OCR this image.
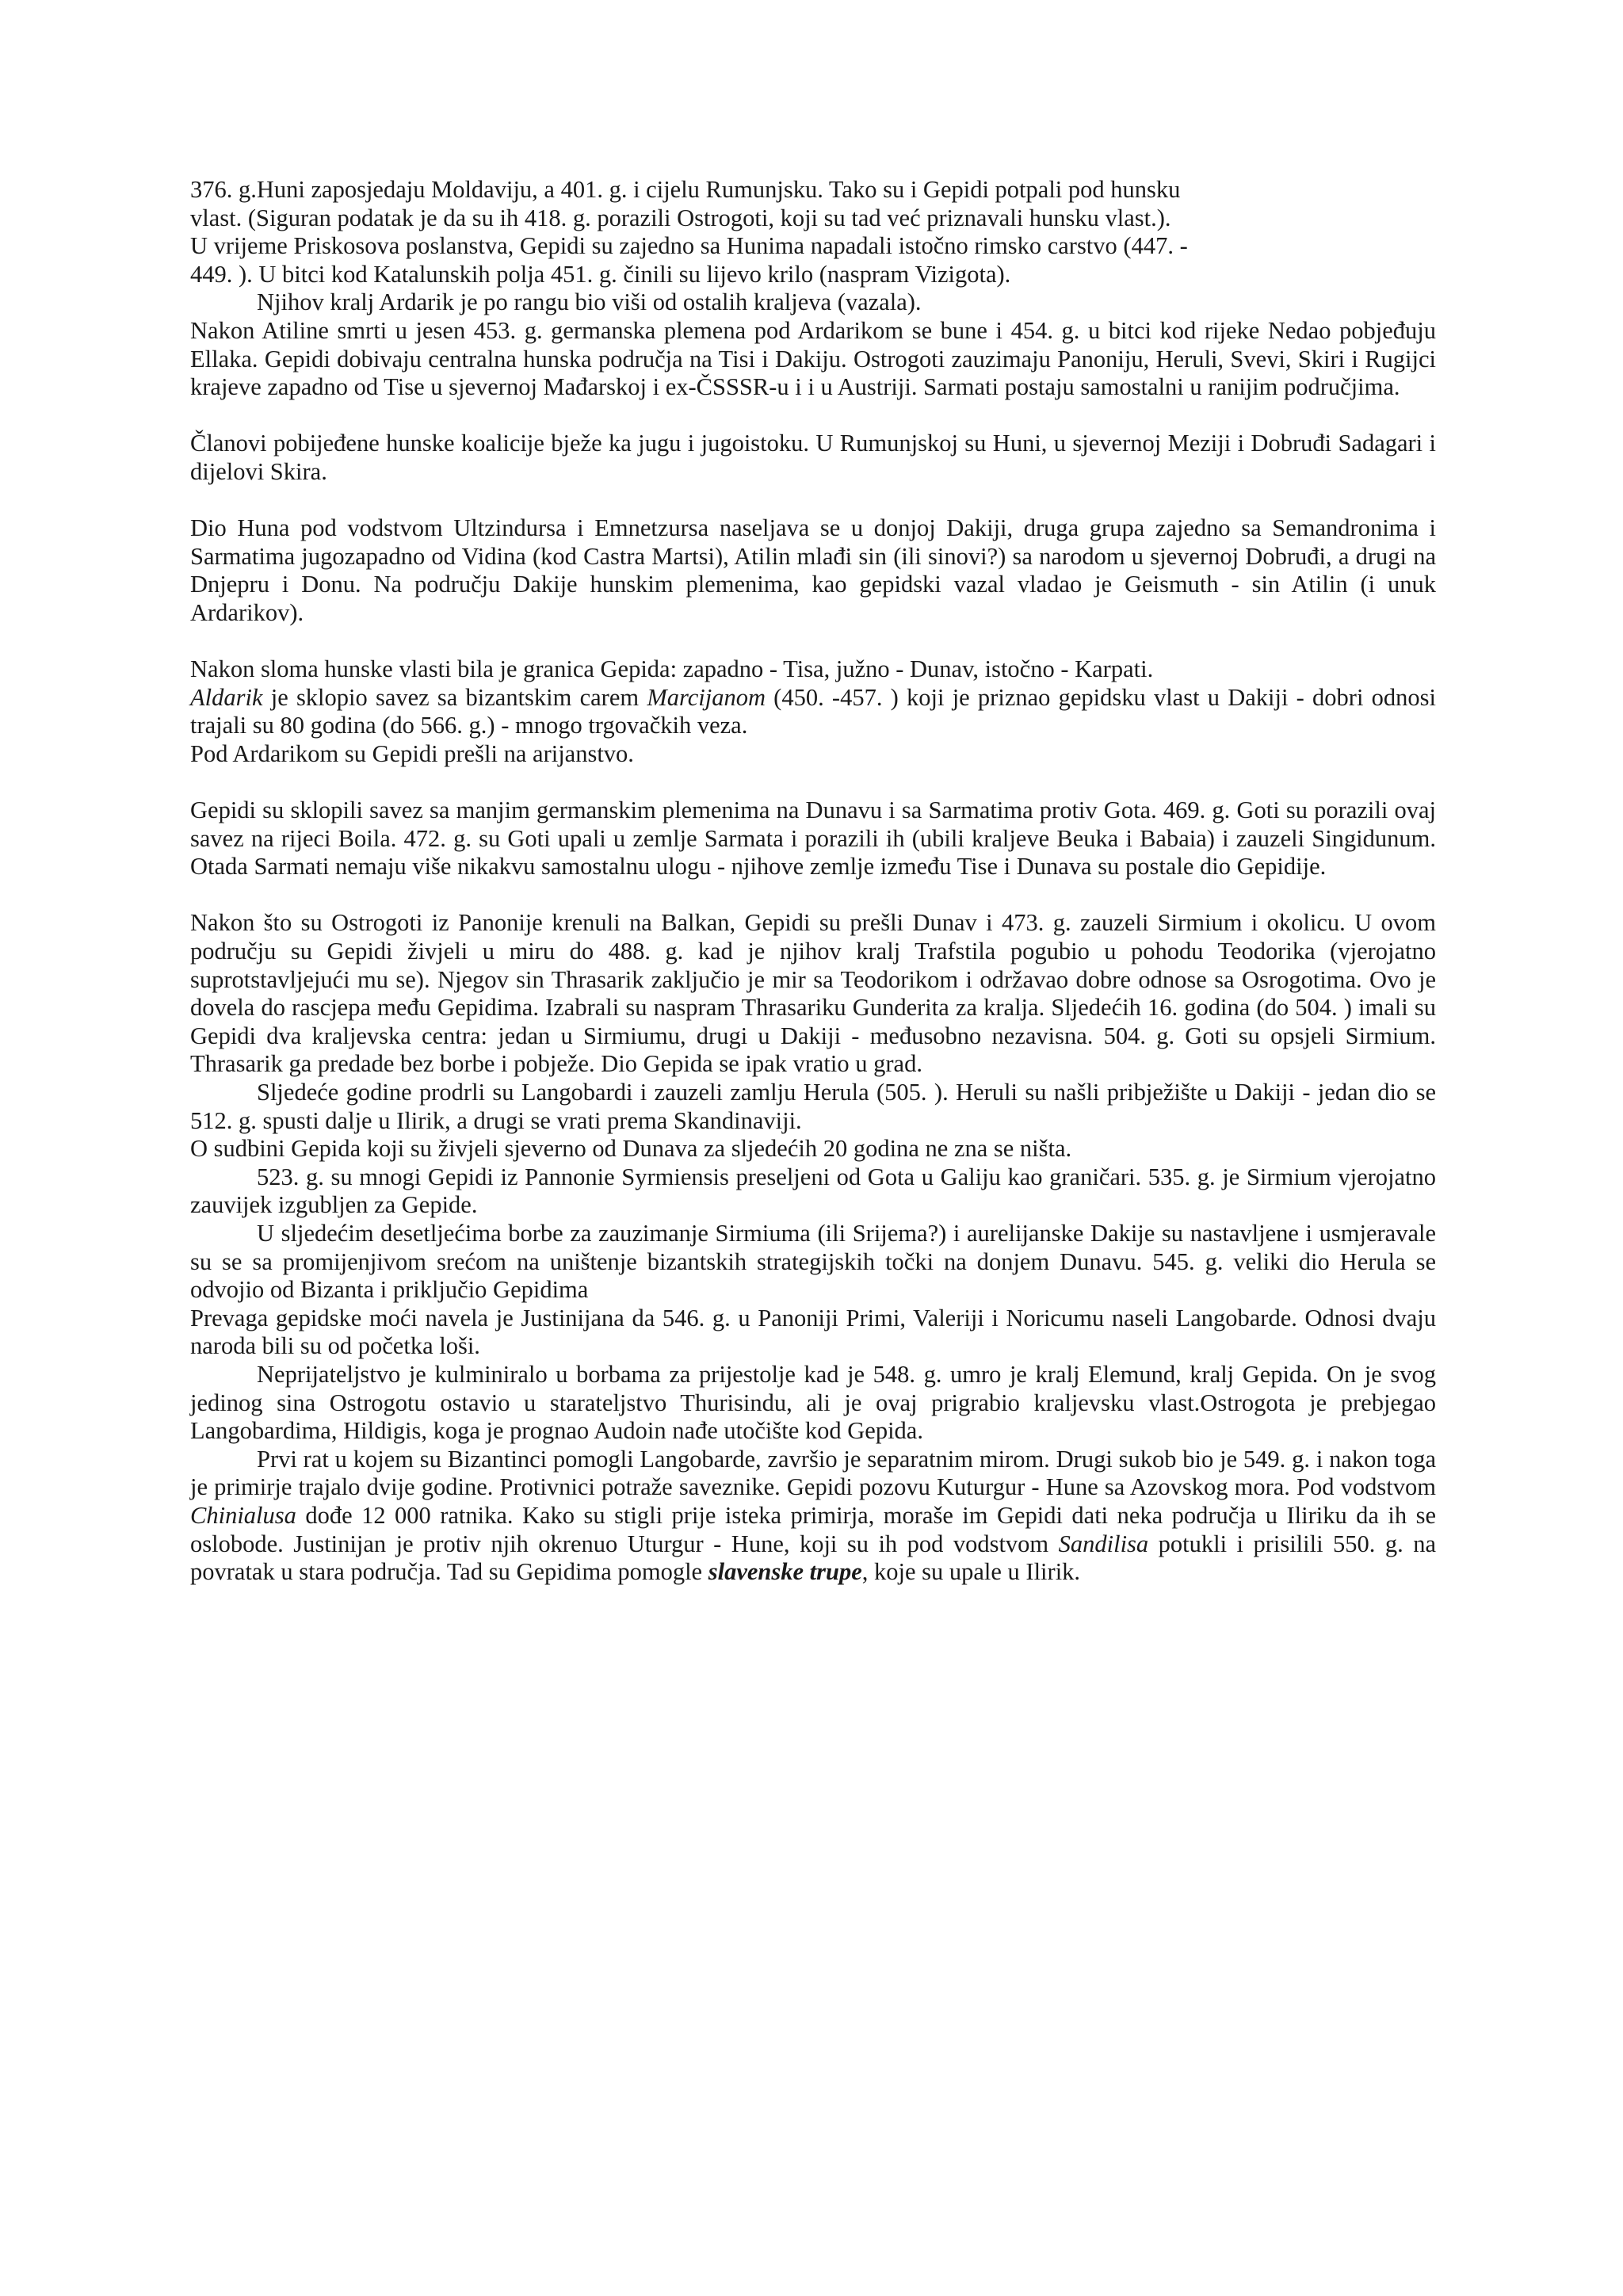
376. g.Huni zaposjedaju Moldaviju, a 401. g. i cijelu Rumunjsku. Tako su i Gepidi potpali pod hunsku
vlast. (Siguran podatak je da su ih 418. g. porazili Ostrogoti, koji su tad već priznavali hunsku vlast.).
U vrijeme Priskosova poslanstva, Gepidi su zajedno sa Hunima napadali istočno rimsko carstvo (447. -
449. ). U bitci kod Katalunskih polja 451. g. činili su lijevo krilo (naspram Vizigota).

Njihov kralj Ardarik je po rangu bio viši od ostalih kraljeva (vazala).

Nakon Atiline smrti u jesen 453. g. germanska plemena pod Ardarikom se bune i 454. g. u bitci kod rijeke Nedao pobjeđuju Ellaka. Gepidi dobivaju centralna hunska područja na Tisi i Dakiju. Ostrogoti zauzimaju Panoniju, Heruli, Svevi, Skiri i Rugijci krajeve zapadno od Tise u sjevernoj Mađarskoj i ex-ČSSSR-u i i u Austriji. Sarmati postaju samostalni u ranijim područjima.

Članovi pobijeđene hunske koalicije bježe ka jugu i jugoistoku. U Rumunjskoj su Huni, u sjevernoj Meziji i Dobruđi Sadagari i dijelovi Skira.

Dio Huna pod vodstvom Ultzindursa i Emnetzursa naseljava se u donjoj Dakiji, druga grupa zajedno sa Semandronima i Sarmatima jugozapadno od Vidina (kod Castra Martsi), Atilin mlađi sin (ili sinovi?) sa narodom u sjevernoj Dobruđi, a drugi na Dnjepru i Donu. Na području Dakije hunskim plemenima, kao gepidski vazal vladao je Geismuth - sin Atilin (i unuk Ardarikov).

Nakon sloma hunske vlasti bila je granica Gepida: zapadno - Tisa, južno - Dunav, istočno - Karpati.

Aldarik je sklopio savez sa bizantskim carem Marcijanom (450. -457. ) koji je priznao gepidsku vlast u Dakiji - dobri odnosi trajali su 80 godina (do 566. g.) - mnogo trgovačkih veza.

Pod Ardarikom su Gepidi prešli na arijanstvo.

Gepidi su sklopili savez sa manjim germanskim plemenima na Dunavu i sa Sarmatima protiv Gota. 469. g. Goti su porazili ovaj savez na rijeci Boila. 472. g. su Goti upali u zemlje Sarmata i porazili ih (ubili kraljeve Beuka i Babaia) i zauzeli Singidunum. Otada Sarmati nemaju više nikakvu samostalnu ulogu - njihove zemlje između Tise i Dunava su postale dio Gepidije.

Nakon što su Ostrogoti iz Panonije krenuli na Balkan, Gepidi su prešli Dunav i 473. g. zauzeli Sirmium i okolicu. U ovom području su Gepidi živjeli u miru do 488. g. kad je njihov kralj Trafstila pogubio u pohodu Teodorika (vjerojatno suprotstavljejući mu se). Njegov sin Thrasarik zaključio je mir sa Teodorikom i održavao dobre odnose sa Osrogotima. Ovo je dovela do rascjepa među Gepidima. Izabrali su naspram Thrasariku Gunderita za kralja. Sljedećih 16. godina (do 504. ) imali su Gepidi dva kraljevska centra: jedan u Sirmiumu, drugi u Dakiji - međusobno nezavisna. 504. g. Goti su opsjeli Sirmium. Thrasarik ga predade bez borbe i pobježe. Dio Gepida se ipak vratio u grad.

Sljedeće godine prodrli su Langobardi i zauzeli zamlju Herula (505. ). Heruli su našli pribježište u Dakiji - jedan dio se 512. g. spusti dalje u Ilirik, a drugi se vrati prema Skandinaviji.

O sudbini Gepida koji su živjeli sjeverno od Dunava za sljedećih 20 godina ne zna se ništa.

523. g. su mnogi Gepidi iz Pannonie Syrmiensis preseljeni od Gota u Galiju kao graničari. 535. g. je Sirmium vjerojatno zauvijek izgubljen za Gepide.

U sljedećim desetljećima borbe za zauzimanje Sirmiuma (ili Srijema?) i aurelijanske Dakije su nastavljene i usmjeravale su se sa promijenjivom srećom na uništenje bizantskih strategijskih točki na donjem Dunavu. 545. g. veliki dio Herula se odvojio od Bizanta i priključio Gepidima

Prevaga gepidske moći navela je Justinijana da 546. g. u Panoniji Primi, Valeriji i Noricumu naseli Langobarde. Odnosi dvaju naroda bili su od početka loši.

Neprijateljstvo je kulminiralo u borbama za prijestolje kad je 548. g. umro je kralj Elemund, kralj Gepida. On je svog jedinog sina Ostrogotu ostavio u starateljstvo Thurisindu, ali je ovaj prigrabio kraljevsku vlast.Ostrogota je prebjegao Langobardima, Hildigis, koga je prognao Audoin nađe utočište kod Gepida.

Prvi rat u kojem su Bizantinci pomogli Langobarde, završio je separatnim mirom. Drugi sukob bio je 549. g. i nakon toga je primirje trajalo dvije godine. Protivnici potraže saveznike. Gepidi pozovu Kuturgur - Hune sa Azovskog mora. Pod vodstvom Chinialusa dođe 12 000 ratnika. Kako su stigli prije isteka primirja, moraše im Gepidi dati neka područja u Iliriku da ih se oslobode. Justinijan je protiv njih okrenuo Uturgur - Hune, koji su ih pod vodstvom Sandilisa potukli i prisilili 550. g. na povratak u stara područja. Tad su Gepidima pomogle slavenske trupe, koje su upale u Ilirik.
